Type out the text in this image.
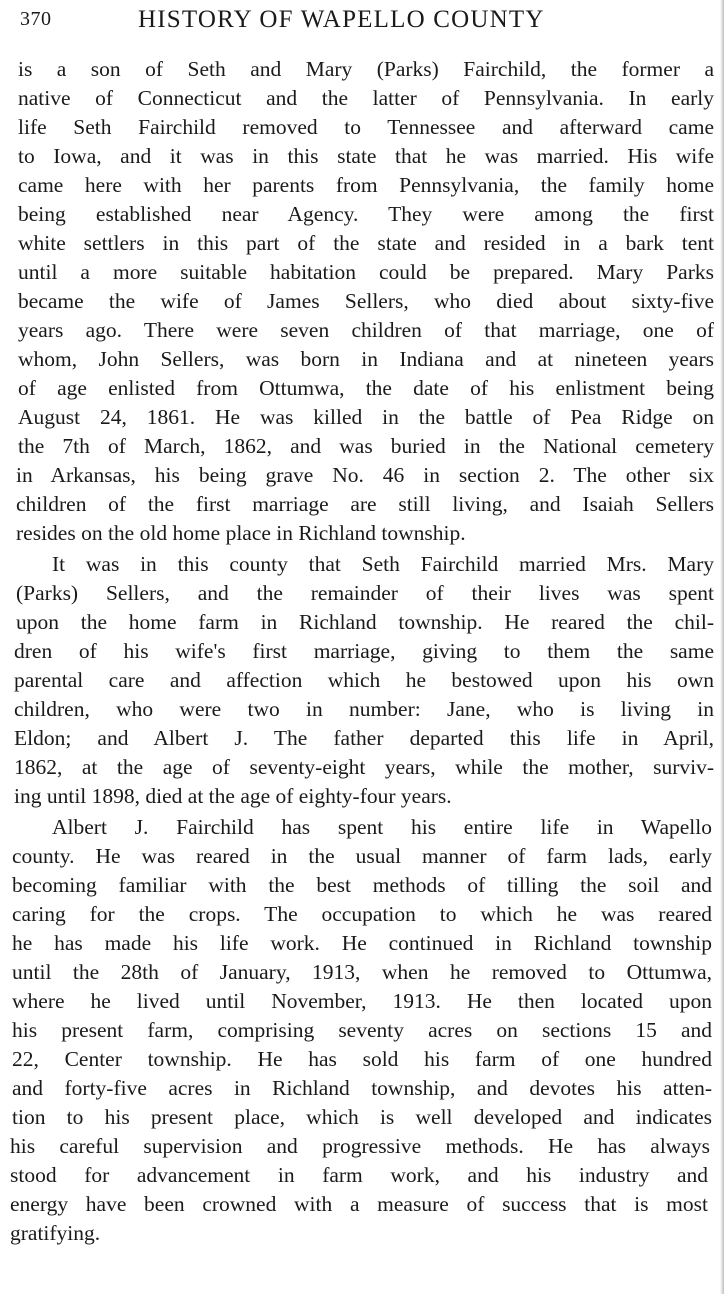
370	HISTORY OF WAPELLO COUNTY
is a son of Seth and Mary (Parks) Fairchild, the former a
native of Connecticut and the latter of Pennsylvania. In early
life Seth Fairchild removed to Tennessee and afterward came
to Iowa, and it was in this state that he was married. His wife
came here with her parents from Pennsylvania, the family home
being established near Agency. They were among the first
white settlers in this part of the state and resided in a bark tent
until a more suitable habitation could be prepared. Mary Parks
became the wife of James Sellers, who died about sixty-five
years ago. There were seven children of that marriage, one of
whom, John Sellers, was born in Indiana and at nineteen years
of age enlisted from Ottumwa, the date of his enlistment being
August 24, 1861. He was killed in the battle of Pea Ridge on
the 7th of March, 1862, and was buried in the National cemetery
in Arkansas, his being grave No. 46 in section 2. The other six
children of the first marriage are still living, and Isaiah Sellers
resides on the old home place in Richland township.
It was in this county that Seth Fairchild married Mrs. Mary
(Parks) Sellers, and the remainder of their lives was spent
upon the home farm in Richland township. He reared the chil-
dren of his wife's first marriage, giving to them the same
parental care and affection which he bestowed upon his own
children, who were two in number: Jane, who is living in
Eldon; and Albert J. The father departed this life in April,
1862, at the age of seventy-eight years, while the mother, surviv-
ing until 1898, died at the age of eighty-four years.
Albert J. Fairchild has spent his entire life in Wapello
county. He was reared in the usual manner of farm lads, early
becoming familiar with the best methods of tilling the soil and
caring for the crops. The occupation to which he was reared
he has made his life work. He continued in Richland township
until the 28th of January, 1913, when he removed to Ottumwa,
where he lived until November, 1913. He then located upon
his present farm, comprising seventy acres on sections 15 and
22, Center township. He has sold his farm of one hundred
and forty-five acres in Richland township, and devotes his atten-
tion to his present place, which is well developed and indicates
his careful supervision and progressive methods. He has always
stood for advancement in farm work, and his industry and
energy have been crowned with a measure of success that is most
gratifying.
